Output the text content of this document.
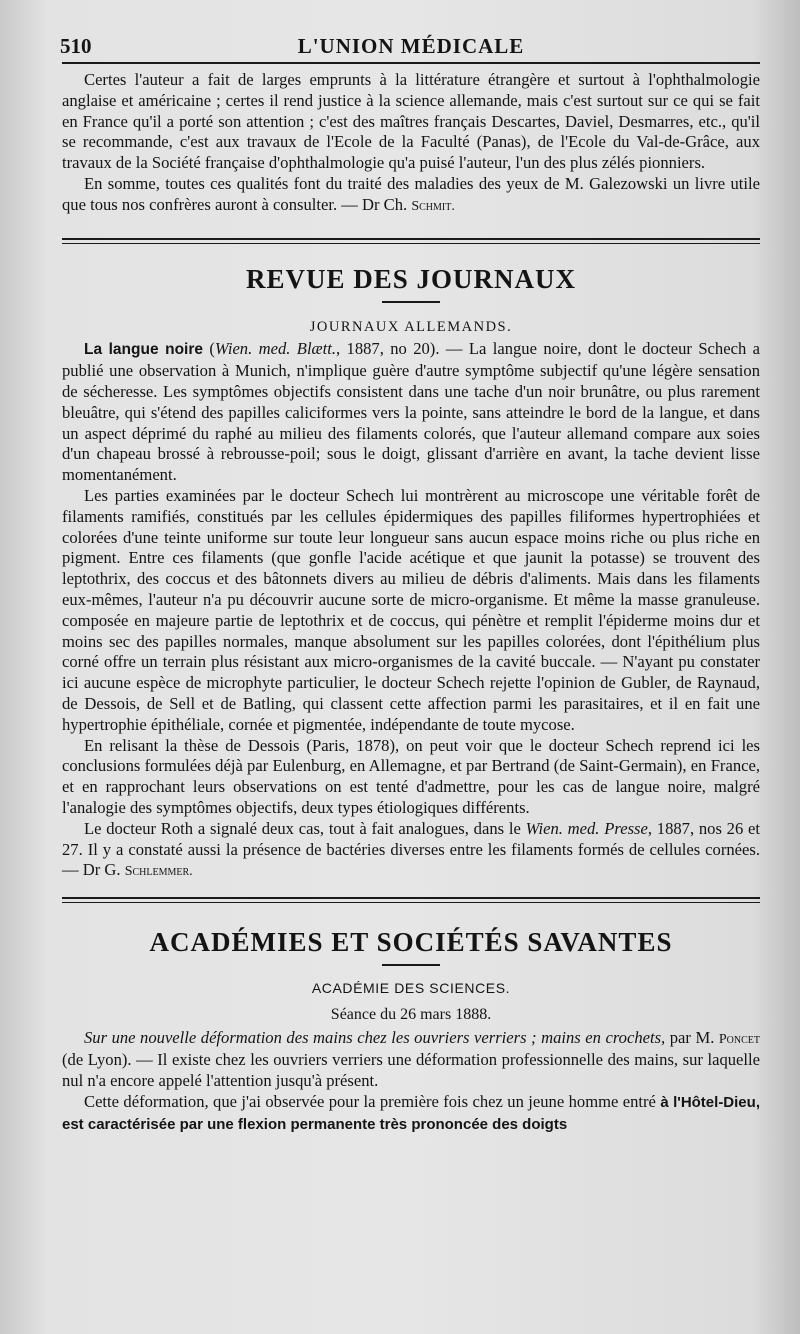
510	L'UNION MÉDICALE

Certes l'auteur a fait de larges emprunts à la littérature étrangère et surtout à l'ophthalmologie anglaise et américaine ; certes il rend justice à la science allemande, mais c'est surtout sur ce qui se fait en France qu'il a porté son attention ; c'est des maîtres français Descartes, Daviel, Desmarres, etc., qu'il se recommande, c'est aux travaux de l'Ecole de la Faculté (Panas), de l'Ecole du Val-de-Grâce, aux travaux de la Société française d'ophthalmologie qu'a puisé l'auteur, l'un des plus zélés pionniers.

En somme, toutes ces qualités font du traité des maladies des yeux de M. Galezowski un livre utile que tous nos confrères auront à consulter. — Dr Ch. Schmit.

REVUE DES JOURNAUX

JOURNAUX ALLEMANDS.

La langue noire (Wien. med. Blætt., 1887, no 20). — La langue noire, dont le docteur Schech a publié une observation à Munich, n'implique guère d'autre symptôme subjectif qu'une légère sensation de sécheresse. Les symptômes objectifs consistent dans une tache d'un noir brunâtre, ou plus rarement bleuâtre, qui s'étend des papilles caliciformes vers la pointe, sans atteindre le bord de la langue, et dans un aspect déprimé du raphé au milieu des filaments colorés, que l'auteur allemand compare aux soies d'un chapeau brossé à rebrousse-poil; sous le doigt, glissant d'arrière en avant, la tache devient lisse momentanément.

Les parties examinées par le docteur Schech lui montrèrent au microscope une véritable forêt de filaments ramifiés, constitués par les cellules épidermiques des papilles filiformes hypertrophiées et colorées d'une teinte uniforme sur toute leur longueur sans aucun espace moins riche ou plus riche en pigment. Entre ces filaments (que gonfle l'acide acétique et que jaunit la potasse) se trouvent des leptothrix, des coccus et des bâtonnets divers au milieu de débris d'aliments. Mais dans les filaments eux-mêmes, l'auteur n'a pu découvrir aucune sorte de micro-organisme. Et même la masse granuleuse. composée en majeure partie de leptothrix et de coccus, qui pénètre et remplit l'épiderme moins dur et moins sec des papilles normales, manque absolument sur les papilles colorées, dont l'épithélium plus corné offre un terrain plus résistant aux micro-organismes de la cavité buccale. — N'ayant pu constater ici aucune espèce de microphyte particulier, le docteur Schech rejette l'opinion de Gubler, de Raynaud, de Dessois, de Sell et de Batling, qui classent cette affection parmi les parasitaires, et il en fait une hypertrophie épithéliale, cornée et pigmentée, indépendante de toute mycose.

En relisant la thèse de Dessois (Paris, 1878), on peut voir que le docteur Schech reprend ici les conclusions formulées déjà par Eulenburg, en Allemagne, et par Bertrand (de Saint-Germain), en France, et en rapprochant leurs observations on est tenté d'admettre, pour les cas de langue noire, malgré l'analogie des symptômes objectifs, deux types étiologiques différents.

Le docteur Roth a signalé deux cas, tout à fait analogues, dans le Wien. med. Presse, 1887, nos 26 et 27. Il y a constaté aussi la présence de bactéries diverses entre les filaments formés de cellules cornées. — Dr G. Schlemmer.

ACADÉMIES ET SOCIÉTÉS SAVANTES

ACADÉMIE DES SCIENCES.

Séance du 26 mars 1888.

Sur une nouvelle déformation des mains chez les ouvriers verriers ; mains en crochets, par M. Poncet (de Lyon). — Il existe chez les ouvriers verriers une déformation professionnelle des mains, sur laquelle nul n'a encore appelé l'attention jusqu'à présent.

Cette déformation, que j'ai observée pour la première fois chez un jeune homme entré à l'Hôtel-Dieu, est caractérisée par une flexion permanente très prononcée des doigts
